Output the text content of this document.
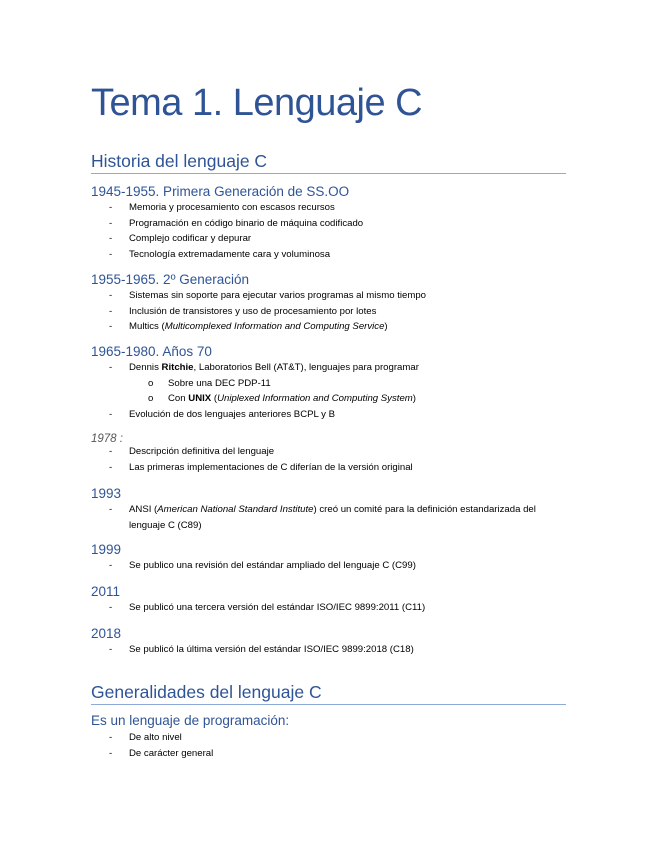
Tema 1. Lenguaje C
Historia del lenguaje C
1945-1955. Primera Generación de SS.OO
- Memoria y procesamiento con escasos recursos
- Programación en código binario de máquina codificado
- Complejo codificar y depurar
- Tecnología extremadamente cara y voluminosa
1955-1965. 2º Generación
- Sistemas sin soporte para ejecutar varios programas al mismo tiempo
- Inclusión de transistores y uso de procesamiento por lotes
- Multics (Multicomplexed Information and Computing Service)
1965-1980. Años 70
- Dennis Ritchie, Laboratorios Bell (AT&T), lenguajes para programar
o Sobre una DEC PDP-11
o Con UNIX (Uniplexed Information and Computing System)
- Evolución de dos lenguajes anteriores BCPL y B
1978 :
- Descripción definitiva del lenguaje
- Las primeras implementaciones de C diferían de la versión original
1993
- ANSI (American National Standard Institute) creó un comité para la definición estandarizada del lenguaje C (C89)
1999
- Se publico una revisión del estándar ampliado del lenguaje C (C99)
2011
- Se publicó una tercera versión del estándar ISO/IEC 9899:2011 (C11)
2018
- Se publicó la última versión del estándar ISO/IEC 9899:2018 (C18)
Generalidades del lenguaje C
Es un lenguaje de programación:
- De alto nivel
- De carácter general
